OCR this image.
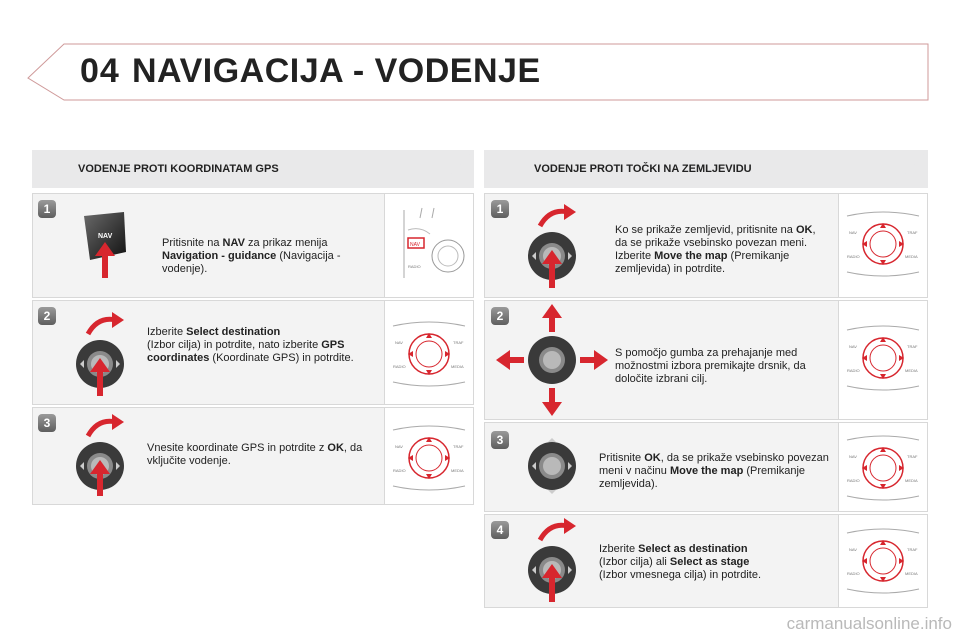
04 NAVIGACIJA - VODENJE
VODENJE PROTI KOORDINATAM GPS	VODENJE PROTI TOČKI NA ZEMLJEVIDU
1
2
3
Pritisnite na NAV za prikaz menija Navigation - guidance (Navigacija - vodenje).
Izberite Select destination
(Izbor cilja) in potrdite, nato izberite GPS coordinates (Koordinate GPS) in potrdite.
Vnesite koordinate GPS in potrdite z OK, da vključite vodenje.
NAV
NAV
RADIO
NAV	TRAF
RADIO	MEDIA
NAV	TRAF
RADIO	MEDIA
1
2
3
4
Ko se prikaže zemljevid, pritisnite na OK, da se prikaže vsebinsko povezan meni. Izberite Move the map (Premikanje zemljevida) in potrdite.
S pomočjo gumba za prehajanje med možnostmi izbora premikajte drsnik, da določite izbrani cilj.
Pritisnite OK, da se prikaže vsebinsko povezan meni v načinu Move the map (Premikanje zemljevida).
Izberite Select as destination
(Izbor cilja) ali Select as stage
(Izbor vmesnega cilja) in potrdite.
NAV	TRAF
RADIO	MEDIA
NAV	TRAF
RADIO	MEDIA
NAV	TRAF
RADIO	MEDIA
NAV	TRAF
RADIO	MEDIA
carmanualsonline.info
